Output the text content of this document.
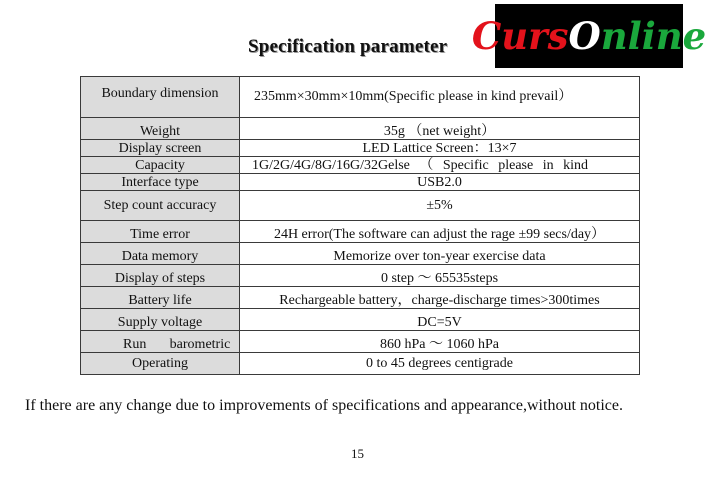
Specification parameter Curs O nline
Boundary dimension	235mm×30mm×10mm(Specific please in kind prevail）
Weight	35g （net weight）
Display screen	LED Lattice Screen：13×7
Capacity	1G/2G/4G/8G/16G/32Gelse （ Specific please in kind
Interface type	USB2.0
Step count accuracy	±5%
Time error	24H error(The software can adjust the rage ±99 secs/day）
Data memory	Memorize over ton-year exercise data
Display of steps	0 step ～ 65535steps
Battery life	Rechargeable battery，charge-discharge times>300times
Supply voltage	DC=5V
Run barometric	860 hPa ～ 1060 hPa
Operating	0 to 45 degrees centigrade
If there are any change due to improvements of specifications and appearance,without notice.
15
